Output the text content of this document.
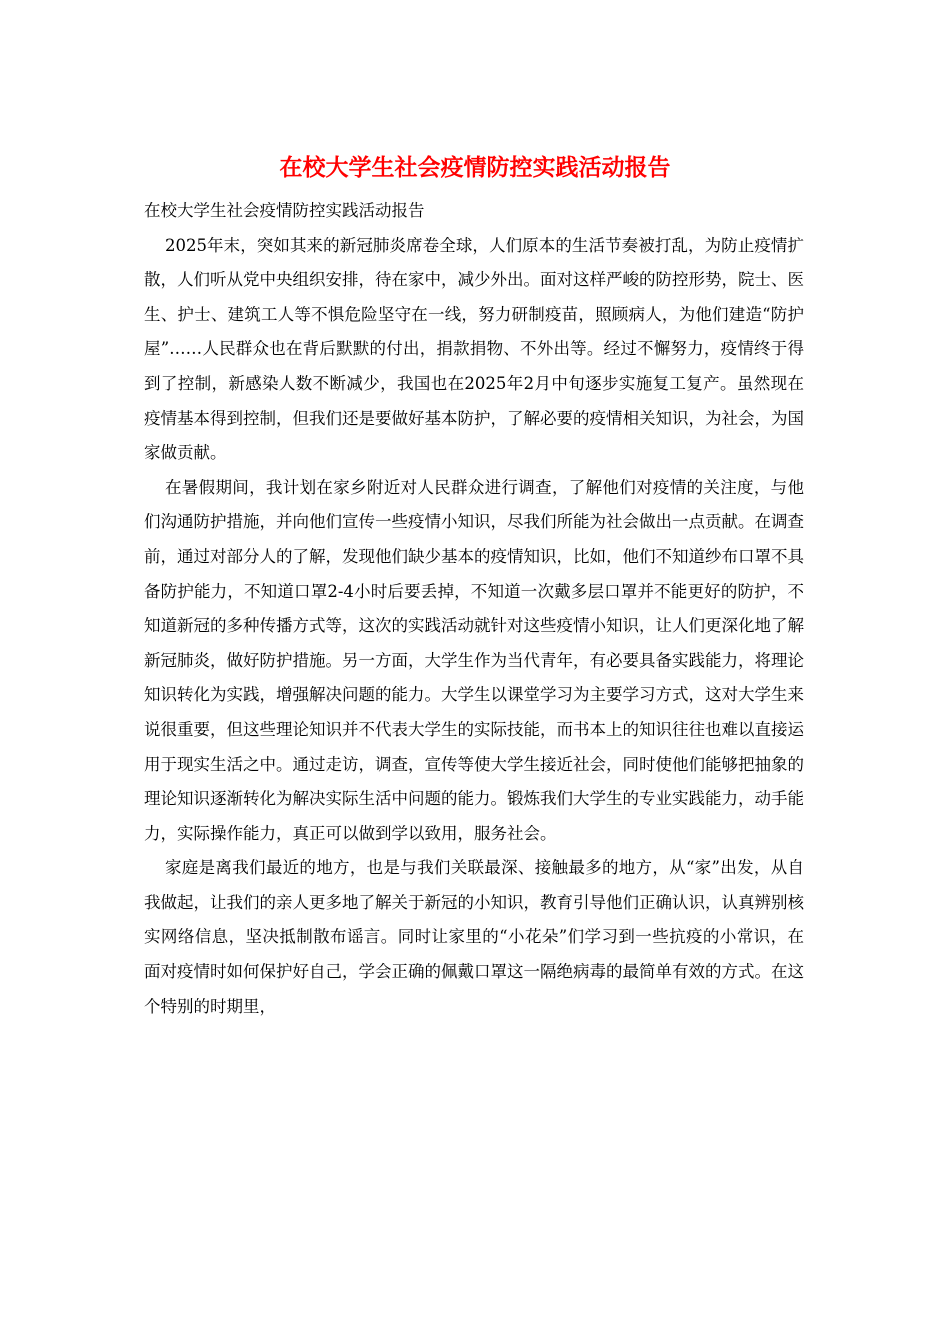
在校大学生社会疫情防控实践活动报告

在校大学生社会疫情防控实践活动报告

2025年末，突如其来的新冠肺炎席卷全球，人们原本的生活节奏被打乱，为防止疫情扩散，人们听从党中央组织安排，待在家中，减少外出。面对这样严峻的防控形势，院士、医生、护士、建筑工人等不惧危险坚守在一线，努力研制疫苗，照顾病人，为他们建造“防护屋”……人民群众也在背后默默的付出，捐款捐物、不外出等。经过不懈努力，疫情终于得到了控制，新感染人数不断减少，我国也在2025年2月中旬逐步实施复工复产。虽然现在疫情基本得到控制，但我们还是要做好基本防护，了解必要的疫情相关知识，为社会，为国家做贡献。

在暑假期间，我计划在家乡附近对人民群众进行调查，了解他们对疫情的关注度，与他们沟通防护措施，并向他们宣传一些疫情小知识，尽我们所能为社会做出一点贡献。在调查前，通过对部分人的了解，发现他们缺少基本的疫情知识，比如，他们不知道纱布口罩不具备防护能力，不知道口罩2-4小时后要丢掉，不知道一次戴多层口罩并不能更好的防护，不知道新冠的多种传播方式等，这次的实践活动就针对这些疫情小知识，让人们更深化地了解新冠肺炎，做好防护措施。另一方面，大学生作为当代青年，有必要具备实践能力，将理论知识转化为实践，增强解决问题的能力。大学生以课堂学习为主要学习方式，这对大学生来说很重要，但这些理论知识并不代表大学生的实际技能，而书本上的知识往往也难以直接运用于现实生活之中。通过走访，调查，宣传等使大学生接近社会，同时使他们能够把抽象的理论知识逐渐转化为解决实际生活中问题的能力。锻炼我们大学生的专业实践能力，动手能力，实际操作能力，真正可以做到学以致用，服务社会。

家庭是离我们最近的地方，也是与我们关联最深、接触最多的地方，从“家”出发，从自我做起，让我们的亲人更多地了解关于新冠的小知识，教育引导他们正确认识，认真辨别核实网络信息，坚决抵制散布谣言。同时让家里的“小花朵”们学习到一些抗疫的小常识，在面对疫情时如何保护好自己，学会正确的佩戴口罩这一隔绝病毒的最简单有效的方式。在这个特别的时期里，
